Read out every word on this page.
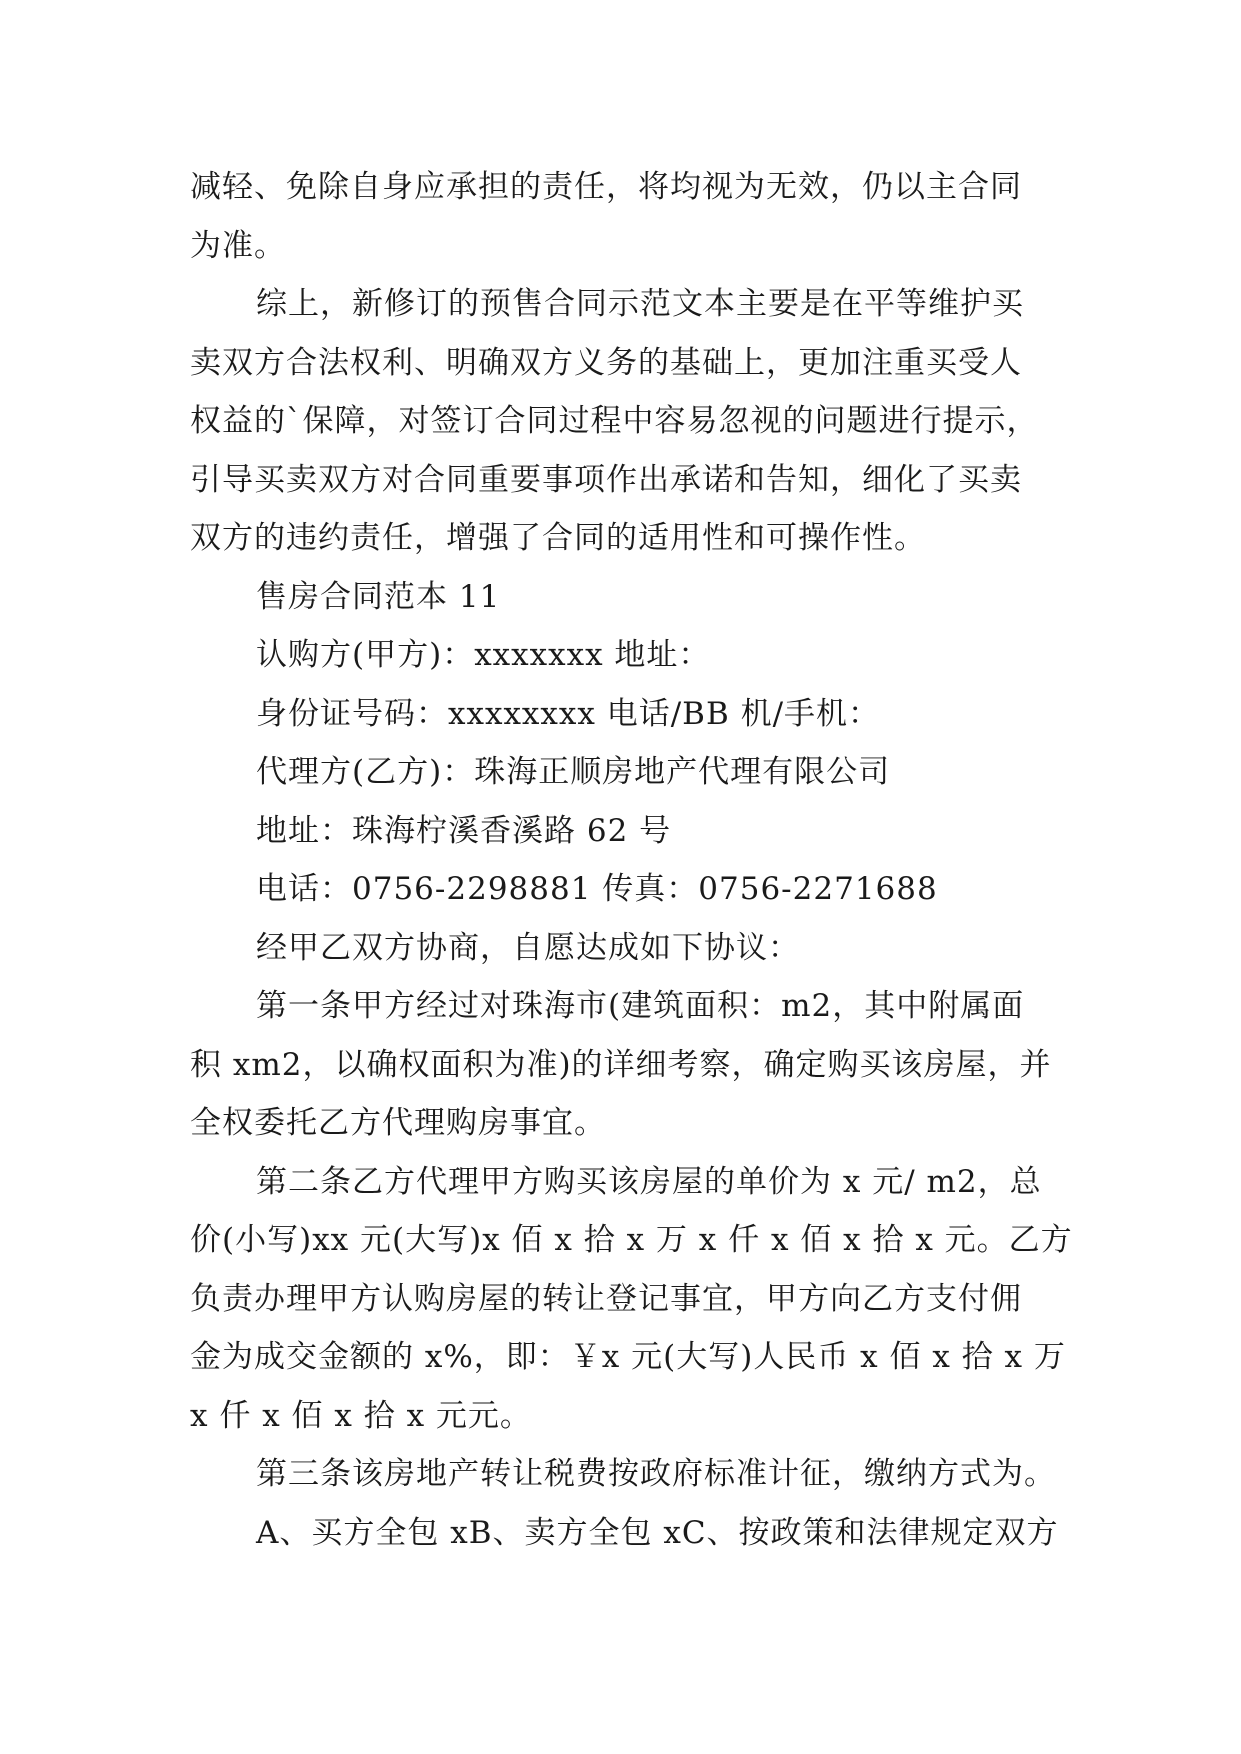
减轻、免除自身应承担的责任，将均视为无效，仍以主合同
为准。
综上，新修订的预售合同示范文本主要是在平等维护买
卖双方合法权利、明确双方义务的基础上，更加注重买受人
权益的`保障，对签订合同过程中容易忽视的问题进行提示，
引导买卖双方对合同重要事项作出承诺和告知，细化了买卖
双方的违约责任，增强了合同的适用性和可操作性。
售房合同范本 11
认购方(甲方)：xxxxxxx 地址：
身份证号码：xxxxxxxx 电话/BB 机/手机：
代理方(乙方)：珠海正顺房地产代理有限公司
地址：珠海柠溪香溪路 62 号
电话：0756-2298881 传真：0756-2271688
经甲乙双方协商，自愿达成如下协议：
第一条甲方经过对珠海市(建筑面积：m2，其中附属面
积 xm2，以确权面积为准)的详细考察，确定购买该房屋，并
全权委托乙方代理购房事宜。
第二条乙方代理甲方购买该房屋的单价为 x 元/ m2，总
价(小写)xx 元(大写)x 佰 x 拾 x 万 x 仟 x 佰 x 拾 x 元。乙方
负责办理甲方认购房屋的转让登记事宜，甲方向乙方支付佣
金为成交金额的 x%，即：￥x 元(大写)人民币 x 佰 x 拾 x 万
x 仟 x 佰 x 拾 x 元元。
第三条该房地产转让税费按政府标准计征，缴纳方式为。
A、买方全包 xB、卖方全包 xC、按政策和法律规定双方
